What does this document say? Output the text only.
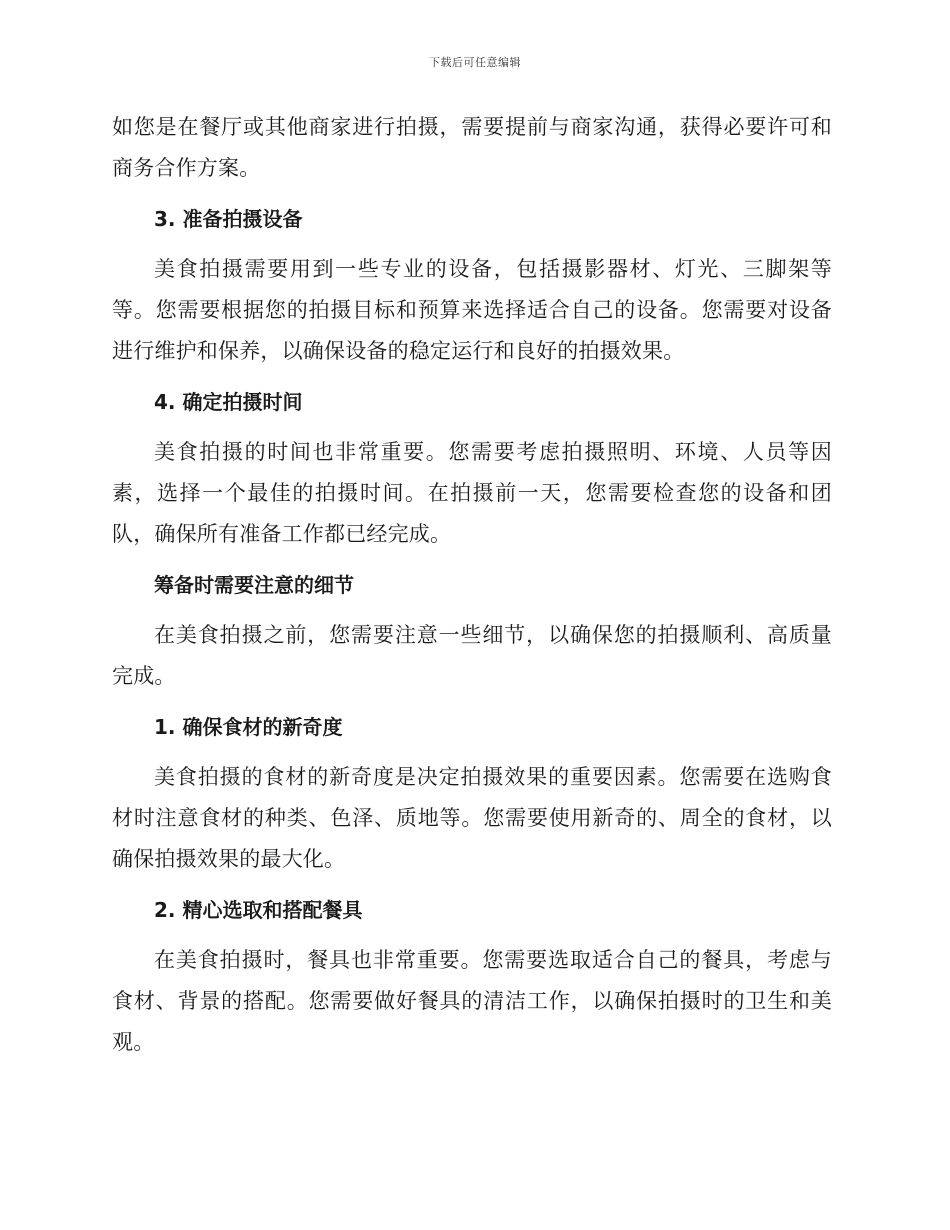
下载后可任意编辑

如您是在餐厅或其他商家进行拍摄，需要提前与商家沟通，获得必要许可和商务合作方案。

3. 准备拍摄设备

美食拍摄需要用到一些专业的设备，包括摄影器材、灯光、三脚架等等。您需要根据您的拍摄目标和预算来选择适合自己的设备。您需要对设备进行维护和保养，以确保设备的稳定运行和良好的拍摄效果。

4. 确定拍摄时间

美食拍摄的时间也非常重要。您需要考虑拍摄照明、环境、人员等因素，选择一个最佳的拍摄时间。在拍摄前一天，您需要检查您的设备和团队，确保所有准备工作都已经完成。

筹备时需要注意的细节

在美食拍摄之前，您需要注意一些细节，以确保您的拍摄顺利、高质量完成。

1. 确保食材的新奇度

美食拍摄的食材的新奇度是决定拍摄效果的重要因素。您需要在选购食材时注意食材的种类、色泽、质地等。您需要使用新奇的、周全的食材，以确保拍摄效果的最大化。

2. 精心选取和搭配餐具

在美食拍摄时，餐具也非常重要。您需要选取适合自己的餐具，考虑与食材、背景的搭配。您需要做好餐具的清洁工作，以确保拍摄时的卫生和美观。
